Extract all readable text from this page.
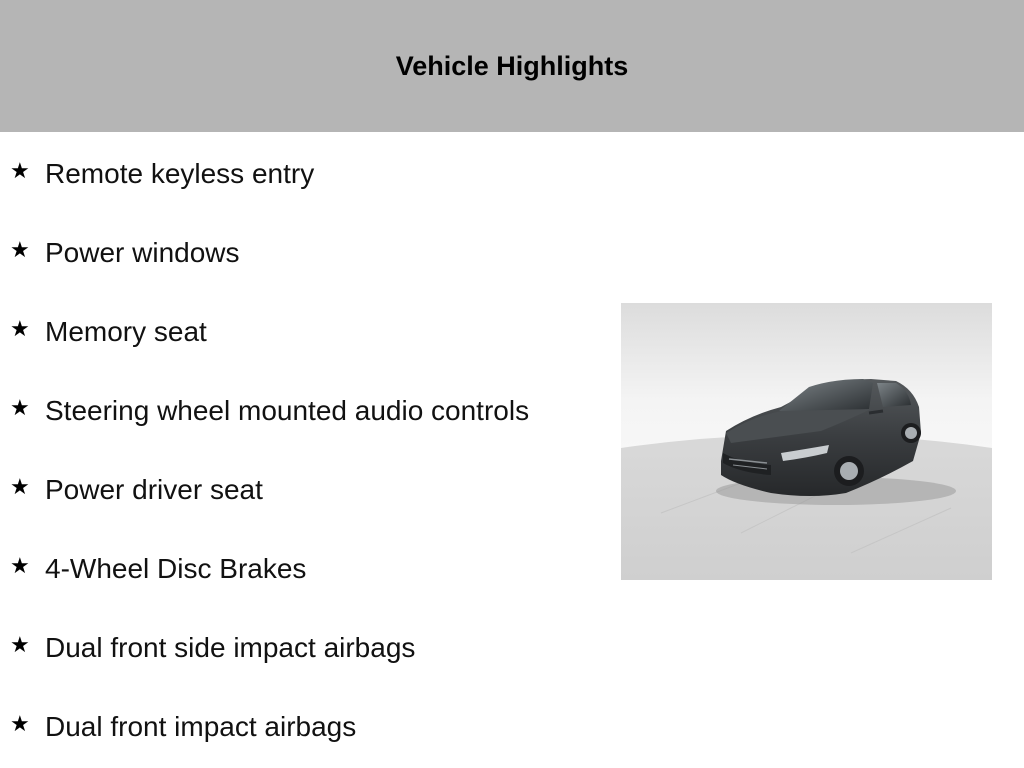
Vehicle Highlights
★ Remote keyless entry
★ Power windows
★ Memory seat
★ Steering wheel mounted audio controls
★ Power driver seat
★ 4-Wheel Disc Brakes
★ Dual front side impact airbags
★ Dual front impact airbags
